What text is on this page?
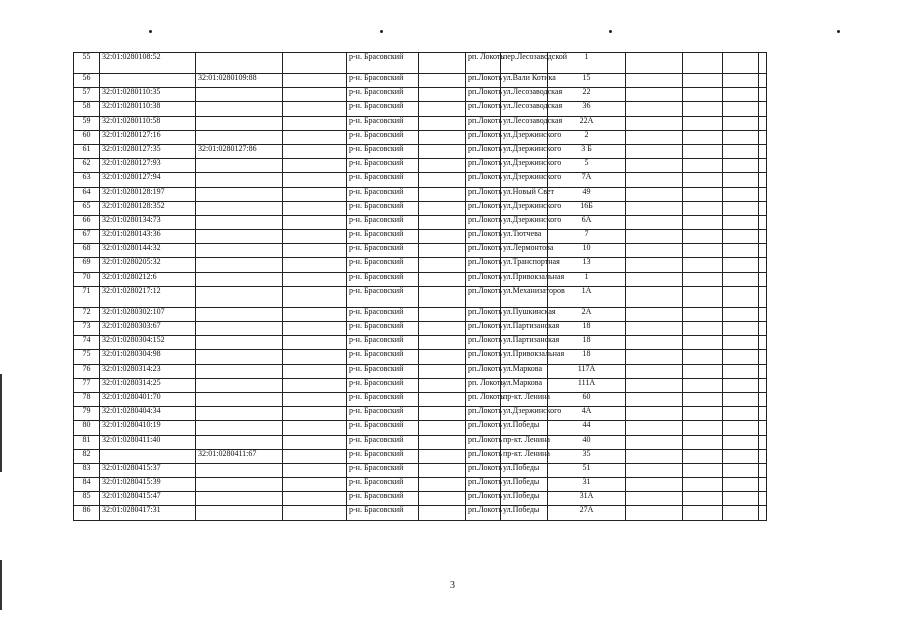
55	32:01:0280108:52			р-н. Брасовский		рп. Локоть	пер.Лесозаводской	1				
56		32:01:0280109:88		р-н. Брасовский		рп.Локоть	ул.Вали Котика	15				
57	32:01:0280110:35			р-н. Брасовский		рп.Локоть	ул.Лесозаводская	22				
58	32:01:0280110:38			р-н. Брасовский		рп.Локоть	ул.Лесозаводская	36				
59	32:01:0280110:58			р-н. Брасовский		рп.Локоть	ул.Лесозаводская	22А				
60	32:01:0280127:16			р-н. Брасовский		рп.Локоть	ул.Дзержинского	2				
61	32:01:0280127:35	32:01:0280127:86		р-н. Брасовский		рп.Локоть	ул.Дзержинского	3 Б				
62	32:01:0280127:93			р-н. Брасовский		рп.Локоть	ул.Дзержинского	5				
63	32:01:0280127:94			р-н. Брасовский		рп.Локоть	ул.Дзержинского	7А				
64	32:01:0280128:197			р-н. Брасовский		рп.Локоть	ул.Новый Свет	49				
65	32:01:0280128:352			р-н. Брасовский		рп.Локоть	ул.Дзержинского	16Б				
66	32:01:0280134:73			р-н. Брасовский		рп.Локоть	ул.Дзержинского	6А				
67	32:01:0280143:36			р-н. Брасовский		рп.Локоть	ул.Тютчева	7				
68	32:01:0280144:32			р-н. Брасовский		рп.Локоть	ул.Лермонтова	10				
69	32:01:0280205:32			р-н. Брасовский		рп.Локоть	ул.Транспортная	13				
70	32:01:0280212:6			р-н. Брасовский		рп.Локоть	ул.Привокзальная	1				
71	32:01:0280217:12			р-н. Брасовский		рп.Локоть	ул.Механизаторов	1А				
72	32:01:0280302:107			р-н. Брасовский		рп.Локоть	ул.Пушкинская	2А				
73	32:01:0280303:67			р-н. Брасовский		рп.Локоть	ул.Партизанская	18				
74	32:01:0280304:152			р-н. Брасовский		рп.Локоть	ул.Партизанская	18				
75	32:01:0280304:98			р-н. Брасовский		рп.Локоть	ул.Привокзальная	18				
76	32:01:0280314:23			р-н. Брасовский		рп.Локоть	ул.Маркова	117А				
77	32:01:0280314:25			р-н. Брасовский		рп. Локоть	ул.Маркова	111А				
78	32:01:0280401:70			р-н. Брасовский		рп. Локоть	пр-кт. Ленина	60				
79	32:01:0280404:34			р-н. Брасовский		рп.Локоть	ул.Дзержинского	4А				
80	32:01:0280410:19			р-н. Брасовский		рп.Локоть	ул.Победы	44				
81	32:01:0280411:40			р-н. Брасовский		рп.Локоть	пр-кт. Ленина	40				
82		32:01:0280411:67		р-н. Брасовский		рп.Локоть	пр-кт. Ленина	35				
83	32:01:0280415:37			р-н. Брасовский		рп.Локоть	ул.Победы	51				
84	32:01:0280415:39			р-н. Брасовский		рп.Локоть	ул.Победы	31				
85	32:01:0280415:47			р-н. Брасовский		рп.Локоть	ул.Победы	31А				
86	32:01:0280417:31			р-н. Брасовский		рп.Локоть	ул.Победы	27А				
3
